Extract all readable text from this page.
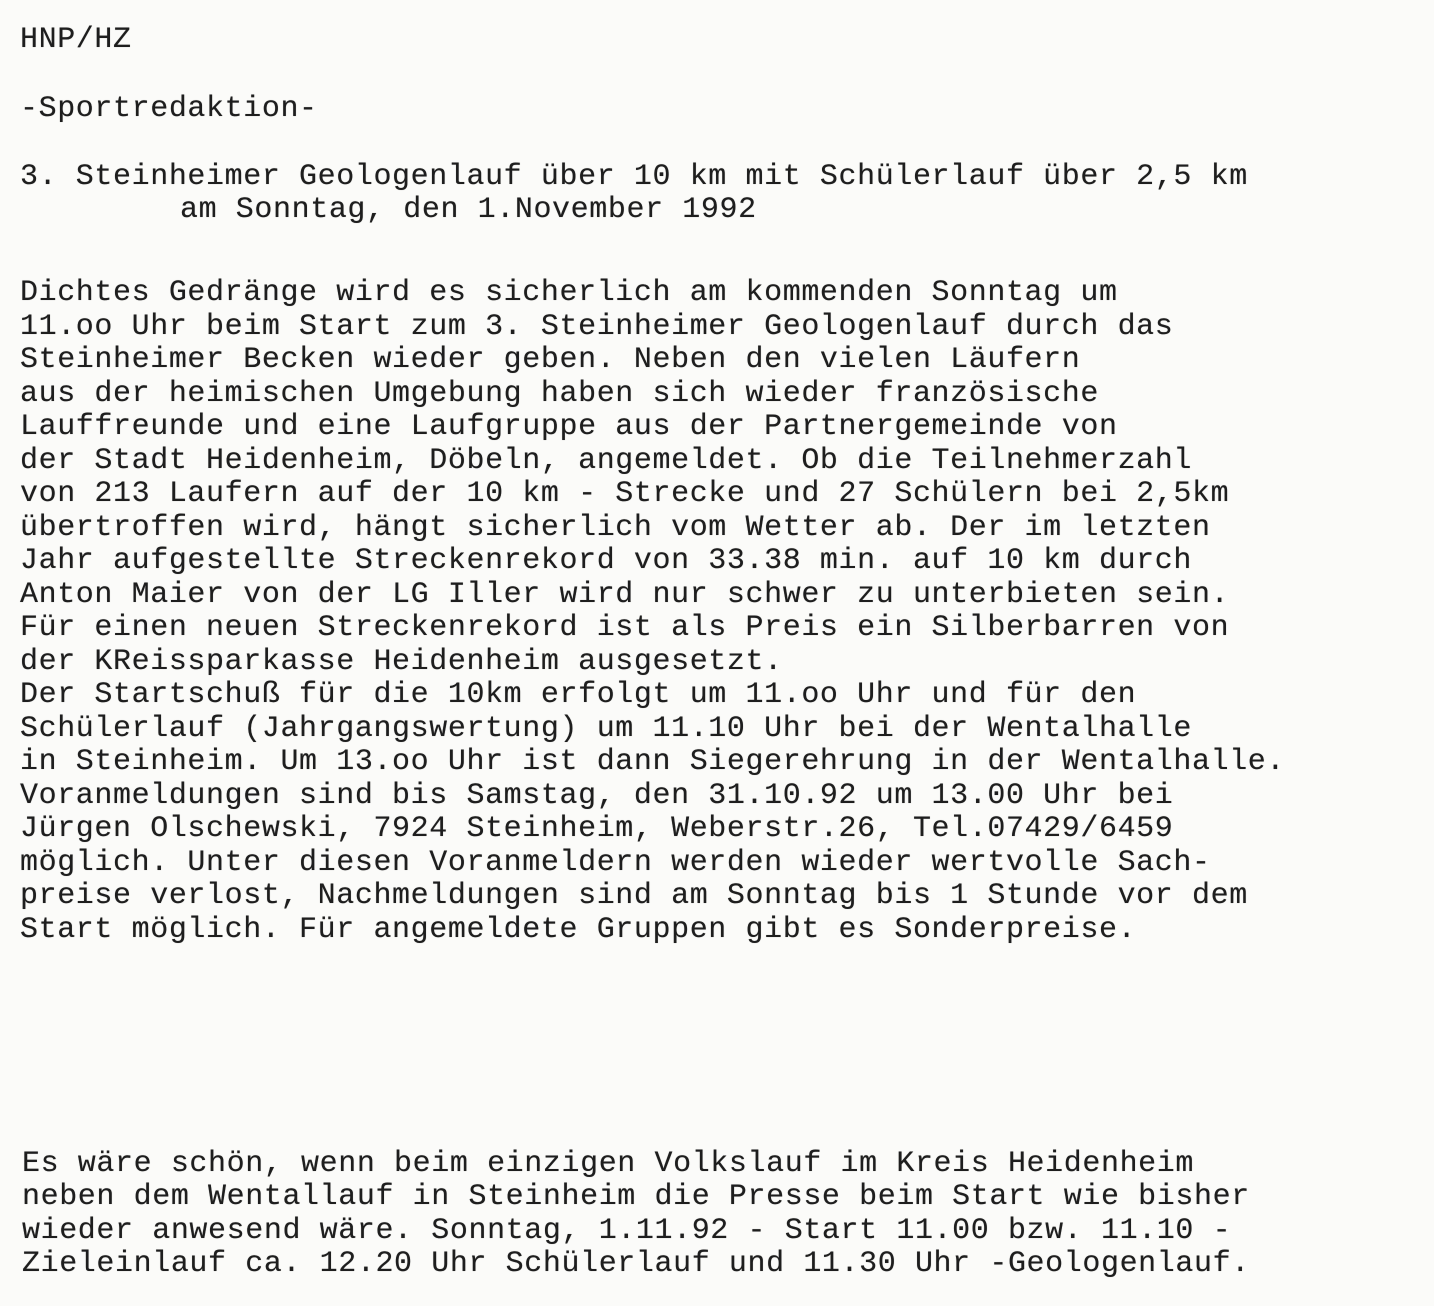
HNP/HZ
-Sportredaktion-
3. Steinheimer Geologenlauf über 10 km mit Schülerlauf über 2,5 km
am Sonntag, den 1.November 1992
Dichtes Gedränge wird es sicherlich am kommenden Sonntag um
11.oo Uhr beim Start zum 3. Steinheimer Geologenlauf durch das
Steinheimer Becken wieder geben. Neben den vielen Läufern
aus der heimischen Umgebung haben sich wieder französische
Lauffreunde und eine Laufgruppe aus der Partnergemeinde von
der Stadt Heidenheim, Döbeln, angemeldet. Ob die Teilnehmerzahl
von 213 Laufern auf der 10 km - Strecke und 27 Schülern bei 2,5km
übertroffen wird, hängt sicherlich vom Wetter ab. Der im letzten
Jahr aufgestellte Streckenrekord von 33.38 min. auf 10 km durch
Anton Maier von der LG Iller wird nur schwer zu unterbieten sein.
Für einen neuen Streckenrekord ist als Preis ein Silberbarren von
der KReissparkasse Heidenheim ausgesetzt.
Der Startschuß für die 10km erfolgt um 11.oo Uhr und für den
Schülerlauf (Jahrgangswertung) um 11.10 Uhr bei der Wentalhalle
in Steinheim. Um 13.oo Uhr ist dann Siegerehrung in der Wentalhalle.
Voranmeldungen sind bis Samstag, den 31.10.92 um 13.00 Uhr bei
Jürgen Olschewski, 7924 Steinheim, Weberstr.26, Tel.07429/6459
möglich. Unter diesen Voranmeldern werden wieder wertvolle Sach-
preise verlost, Nachmeldungen sind am Sonntag bis 1 Stunde vor dem
Start möglich. Für angemeldete Gruppen gibt es Sonderpreise.
Es wäre schön, wenn beim einzigen Volkslauf im Kreis Heidenheim
neben dem Wentallauf in Steinheim die Presse beim Start wie bisher
wieder anwesend wäre. Sonntag, 1.11.92 - Start 11.00 bzw. 11.10 -
Zieleinlauf ca. 12.20 Uhr Schülerlauf und 11.30 Uhr -Geologenlauf.
